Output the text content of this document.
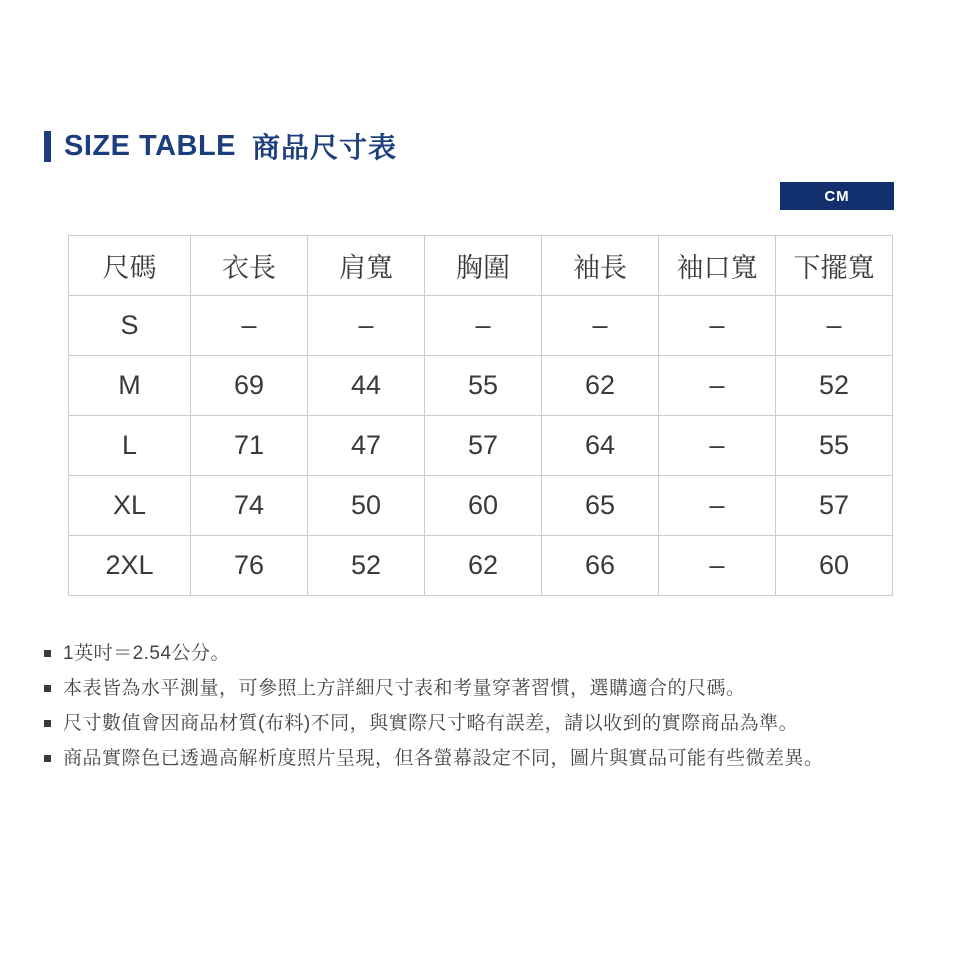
SIZE TABLE 商品尺寸表
CM
尺碼	衣長	肩寬	胸圍	袖長	袖口寬	下擺寬
S	–	–	–	–	–	–
M	69	44	55	62	–	52
L	71	47	57	64	–	55
XL	74	50	60	65	–	57
2XL	76	52	62	66	–	60
1英吋＝2.54公分。
本表皆為水平測量，可參照上方詳細尺寸表和考量穿著習慣，選購適合的尺碼。
尺寸數值會因商品材質(布料)不同，與實際尺寸略有誤差，請以收到的實際商品為準。
商品實際色已透過高解析度照片呈現，但各螢幕設定不同，圖片與實品可能有些微差異。
